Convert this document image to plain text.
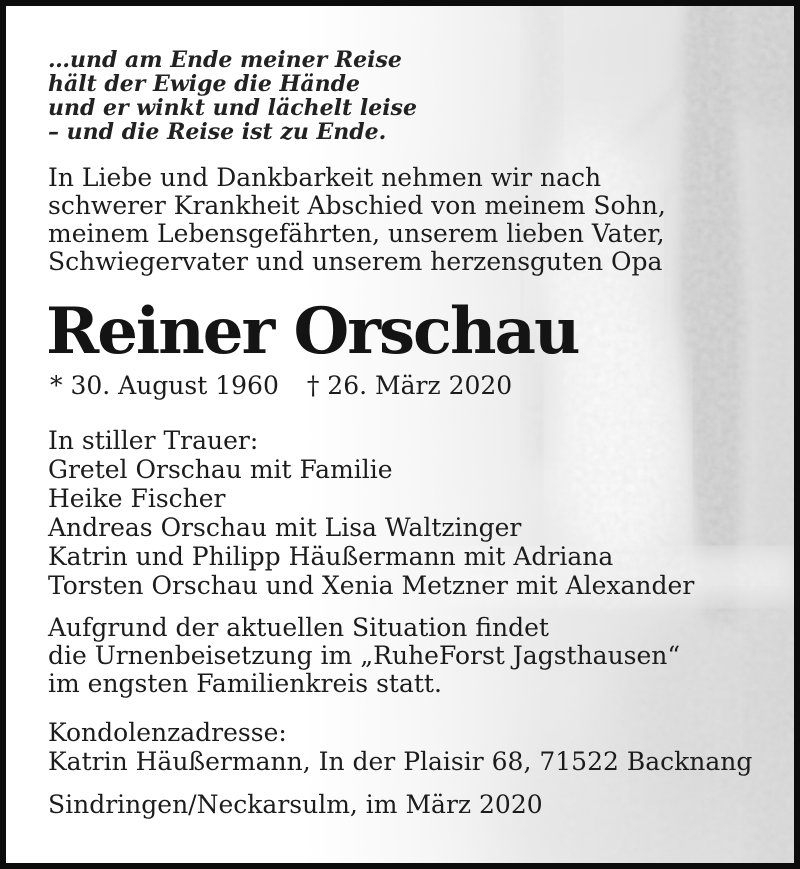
…und am Ende meiner Reise
hält der Ewige die Hände
und er winkt und lächelt leise
– und die Reise ist zu Ende.
In Liebe und Dankbarkeit nehmen wir nach
schwerer Krankheit Abschied von meinem Sohn,
meinem Lebensgefährten, unserem lieben Vater,
Schwiegervater und unserem herzensguten Opa
Reiner Orschau
* 30. August 1960 † 26. März 2020
In stiller Trauer:
Gretel Orschau mit Familie
Heike Fischer
Andreas Orschau mit Lisa Waltzinger
Katrin und Philipp Häußermann mit Adriana
Torsten Orschau und Xenia Metzner mit Alexander
Aufgrund der aktuellen Situation findet
die Urnenbeisetzung im „RuheForst Jagsthausen“
im engsten Familienkreis statt.
Kondolenzadresse:
Katrin Häußermann, In der Plaisir 68, 71522 Backnang
Sindringen/Neckarsulm, im März 2020
